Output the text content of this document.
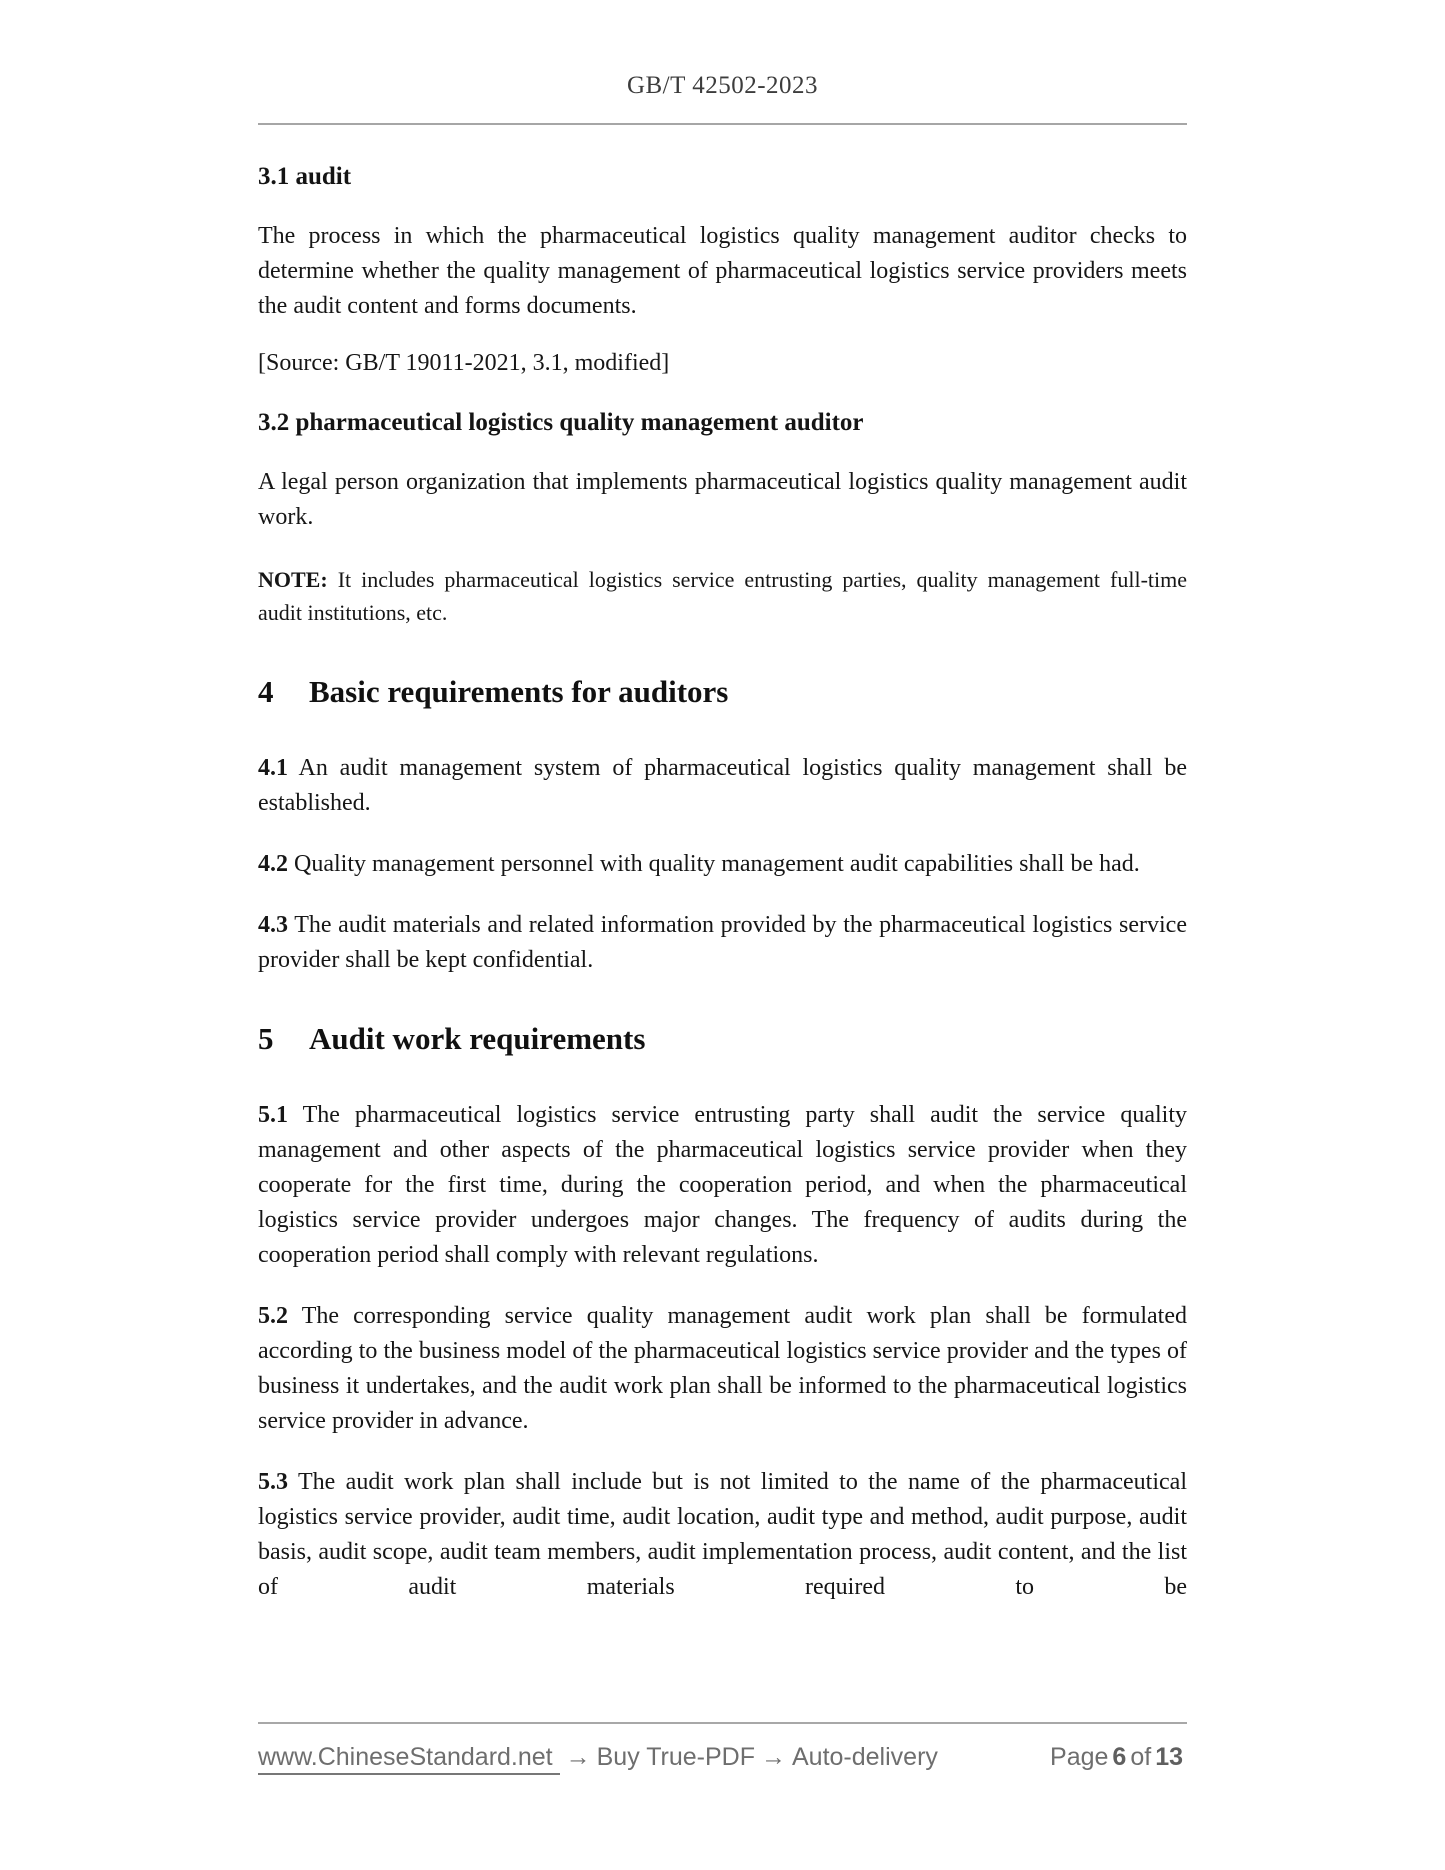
GB/T 42502-2023
3.1 audit

The process in which the pharmaceutical logistics quality management auditor checks to determine whether the quality management of pharmaceutical logistics service providers meets the audit content and forms documents.

[Source: GB/T 19011-2021, 3.1, modified]

3.2 pharmaceutical logistics quality management auditor

A legal person organization that implements pharmaceutical logistics quality management audit work.

NOTE: It includes pharmaceutical logistics service entrusting parties, quality management full-time audit institutions, etc.

4 Basic requirements for auditors

4.1 An audit management system of pharmaceutical logistics quality management shall be established.

4.2 Quality management personnel with quality management audit capabilities shall be had.

4.3 The audit materials and related information provided by the pharmaceutical logistics service provider shall be kept confidential.

5 Audit work requirements

5.1 The pharmaceutical logistics service entrusting party shall audit the service quality management and other aspects of the pharmaceutical logistics service provider when they cooperate for the first time, during the cooperation period, and when the pharmaceutical logistics service provider undergoes major changes. The frequency of audits during the cooperation period shall comply with relevant regulations.

5.2 The corresponding service quality management audit work plan shall be formulated according to the business model of the pharmaceutical logistics service provider and the types of business it undertakes, and the audit work plan shall be informed to the pharmaceutical logistics service provider in advance.

5.3 The audit work plan shall include but is not limited to the name of the pharmaceutical logistics service provider, audit time, audit location, audit type and method, audit purpose, audit basis, audit scope, audit team members, audit implementation process, audit content, and the list of audit materials required to be

www.ChineseStandard.net → Buy True-PDF → Auto-delivery	Page 6 of 13
